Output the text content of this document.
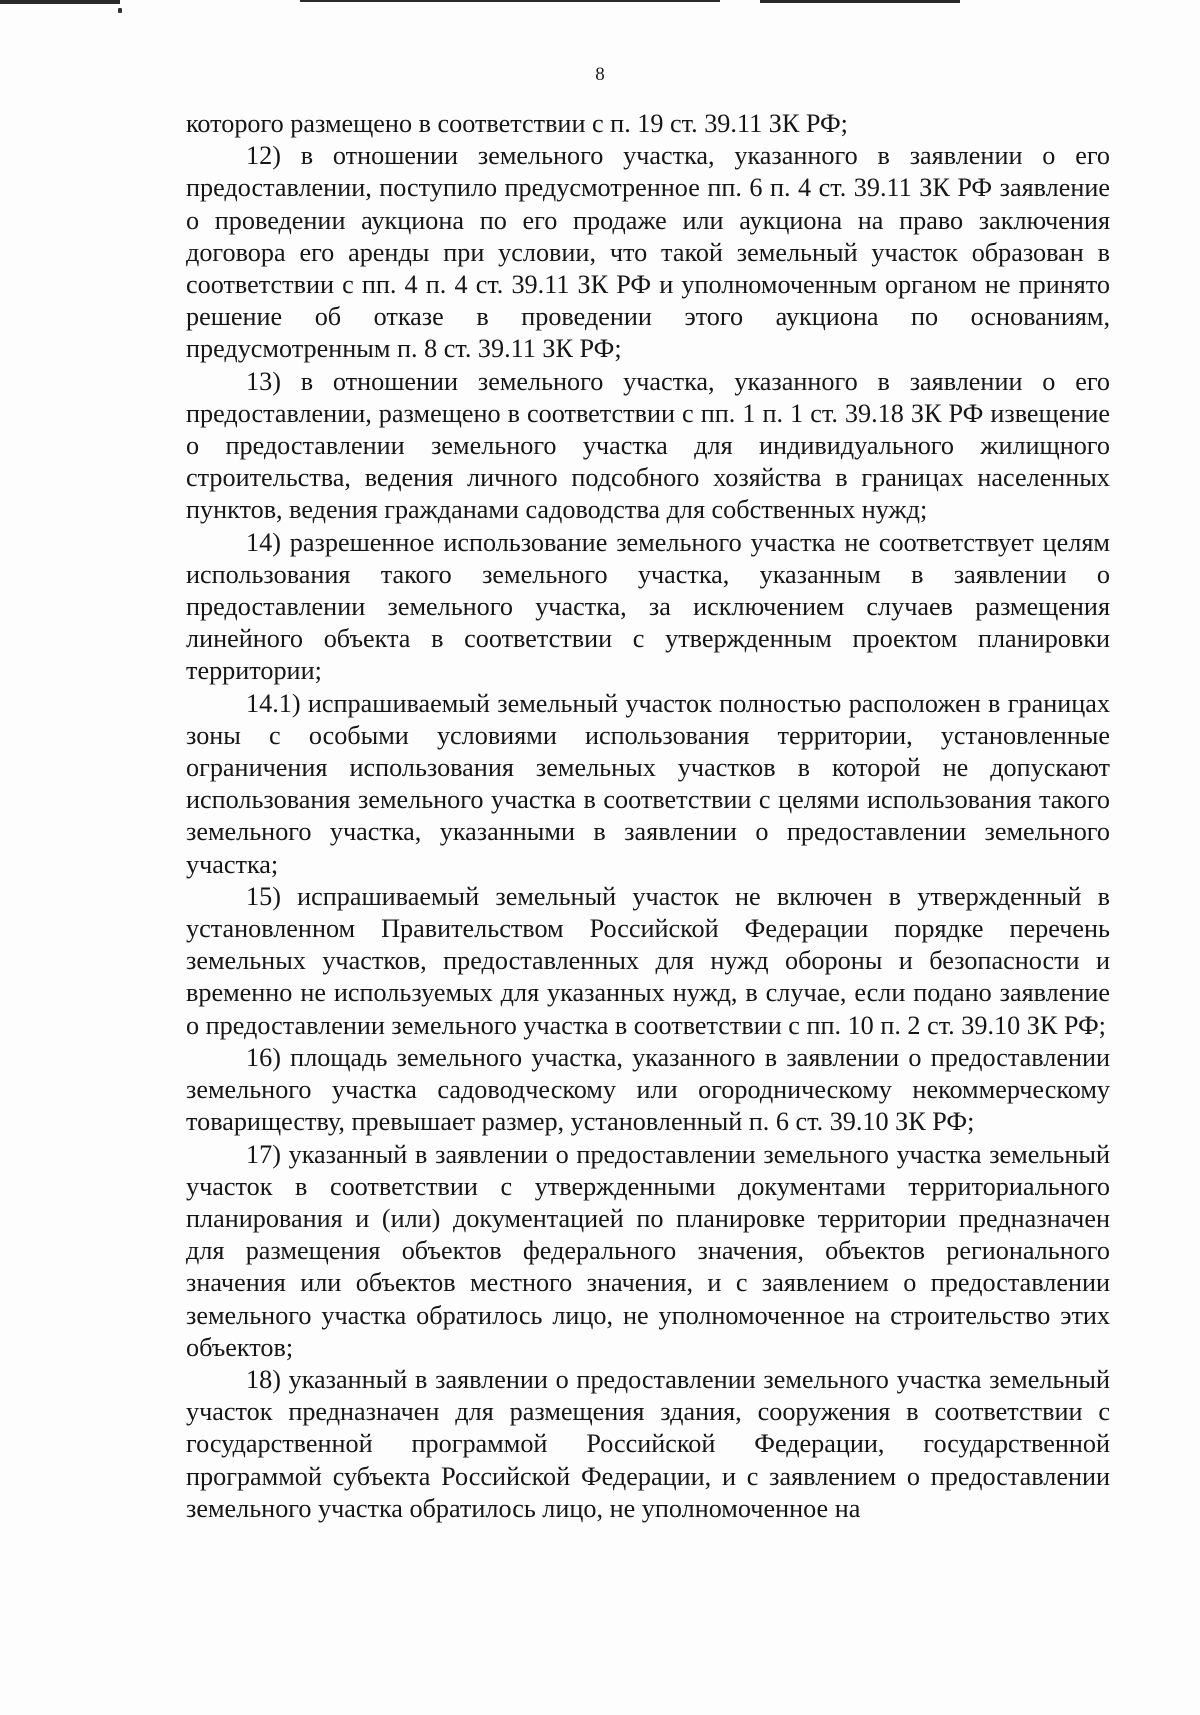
8

которого размещено в соответствии с п. 19 ст. 39.11 ЗК РФ;

12) в отношении земельного участка, указанного в заявлении о его предоставлении, поступило предусмотренное пп. 6 п. 4 ст. 39.11 ЗК РФ заявление о проведении аукциона по его продаже или аукциона на право заключения договора его аренды при условии, что такой земельный участок образован в соответствии с пп. 4 п. 4 ст. 39.11 ЗК РФ и уполномоченным органом не принято решение об отказе в проведении этого аукциона по основаниям, предусмотренным п. 8 ст. 39.11 ЗК РФ;

13) в отношении земельного участка, указанного в заявлении о его предоставлении, размещено в соответствии с пп. 1 п. 1 ст. 39.18 ЗК РФ извещение о предоставлении земельного участка для индивидуального жилищного строительства, ведения личного подсобного хозяйства в границах населенных пунктов, ведения гражданами садоводства для собственных нужд;

14) разрешенное использование земельного участка не соответствует целям использования такого земельного участка, указанным в заявлении о предоставлении земельного участка, за исключением случаев размещения линейного объекта в соответствии с утвержденным проектом планировки территории;

14.1) испрашиваемый земельный участок полностью расположен в границах зоны с особыми условиями использования территории, установленные ограничения использования земельных участков в которой не допускают использования земельного участка в соответствии с целями использования такого земельного участка, указанными в заявлении о предоставлении земельного участка;

15) испрашиваемый земельный участок не включен в утвержденный в установленном Правительством Российской Федерации порядке перечень земельных участков, предоставленных для нужд обороны и безопасности и временно не используемых для указанных нужд, в случае, если подано заявление о предоставлении земельного участка в соответствии с пп. 10 п. 2 ст. 39.10 ЗК РФ;

16) площадь земельного участка, указанного в заявлении о предоставлении земельного участка садоводческому или огородническому некоммерческому товариществу, превышает размер, установленный п. 6 ст. 39.10 ЗК РФ;

17) указанный в заявлении о предоставлении земельного участка земельный участок в соответствии с утвержденными документами территориального планирования и (или) документацией по планировке территории предназначен для размещения объектов федерального значения, объектов регионального значения или объектов местного значения, и с заявлением о предоставлении земельного участка обратилось лицо, не уполномоченное на строительство этих объектов;

18) указанный в заявлении о предоставлении земельного участка земельный участок предназначен для размещения здания, сооружения в соответствии с государственной программой Российской Федерации, государственной программой субъекта Российской Федерации, и с заявлением о предоставлении земельного участка обратилось лицо, не уполномоченное на
